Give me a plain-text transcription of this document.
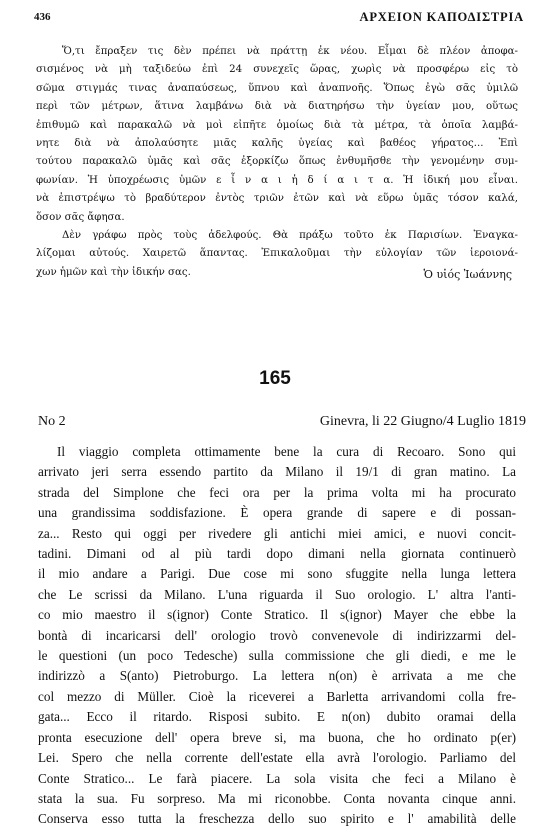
436	ΑΡΧΕΙΟΝ ΚΑΠΟΔΙΣΤΡΙΑ
Ὅ,τι ἔπραξεν τις δὲν πρέπει νὰ πράττῃ ἐκ νέου. Εἶμαι δὲ πλέον ἀποφα-
σισμένος νὰ μὴ ταξιδεύω ἐπὶ 24 συνεχεῖς ὥρας, χωρὶς νὰ προσφέρω εἰς τὸ
σῶμα στιγμάς τινας ἀναπαύσεως, ὕπνου καὶ ἀναπνοῆς. Ὅπως ἐγὼ σᾶς ὑμιλῶ
περὶ τῶν μέτρων, ἅτινα λαμβάνω διὰ νὰ διατηρήσω τὴν ὑγείαν μου, οὕτως
ἐπιθυμῶ καὶ παρακαλῶ νὰ μοὶ εἰπῆτε ὁμοίως διὰ τὰ μέτρα, τὰ ὁποῖα λαμβά-
νητε διὰ νὰ ἀπολαύσητε μιᾶς καλῆς ὑγείας καὶ βαθέος γήρατος... Ἐπὶ
τούτου παρακαλῶ ὑμᾶς καὶ σᾶς ἐξορκίζω ὅπως ἐνθυμῆσθε τὴν γενομένην συμ-
φωνίαν. Ἡ ὑποχρέωσις ὑμῶν ε ἶ ν α ι ἡ δ ί α ι τ α. Ἡ ἰδική μου εἶναι.
νὰ ἐπιστρέψω τὸ βραδύτερον ἐντὸς τριῶν ἐτῶν καὶ νὰ εὕρω ὑμᾶς τόσον καλά,
ὅσον σᾶς ἄφησα.
Δὲν γράφω πρὸς τοὺς ἀδελφούς. Θὰ πράξω τοῦτο ἐκ Παρισίων. Ἐναγκα-
λίζομαι αὐτούς. Χαιρετῶ ἅπαντας. Ἐπικαλοῦμαι τὴν εὐλογίαν τῶν ἱεροιονά-
χων ἡμῶν καὶ τὴν ἰδικήν σας.	Ὁ υἱός Ἰωάννης
165
No 2	Ginevra, li 22 Giugno/4 Luglio 1819
Il viaggio completa ottimamente bene la cura di Recoaro. Sono qui
arrivato jeri serra essendo partito da Milano il 19/1 di gran matino. La
strada del Simplone che feci ora per la prima volta mi ha procurato
una grandissima soddisfazione. È opera grande di sapere e di possan-
za... Resto qui oggi per rivedere gli antichi miei amici, e nuovi concit-
tadini. Dimani od al più tardi dopo dimani nella giornata continuerò
il mio andare a Parigi. Due cose mi sono sfuggite nella lunga lettera
che Le scrissi da Milano. L'una riguarda il Suo orologio. L' altra l'anti-
co mio maestro il s(ignor) Conte Stratico. Il s(ignor) Mayer che ebbe la
bontà di incaricarsi dell' orologio trovò convenevole di indirizzarmi del-
le questioni (un poco Tedesche) sulla commissione che gli diedi, e me le
indirizzò a S(anto) Pietroburgo. La lettera n(on) è arrivata a me che
col mezzo di Müller. Cioè la riceverei a Barletta arrivandomi colla fre-
gata... Ecco il ritardo. Risposi subito. E n(on) dubito oramai della
pronta esecuzione dell' opera breve si, ma buona, che ho ordinato p(er)
Lei. Spero che nella corrente dell'estate ella avrà l'orologio. Parliamo del
Conte Stratico... Le farà piacere. La sola visita che feci a Milano è
stata la sua. Fu sorpreso. Ma mi riconobbe. Conta novanta cinque anni.
Conserva esso tutta la freschezza dello suo spirito e l' amabilità delle
